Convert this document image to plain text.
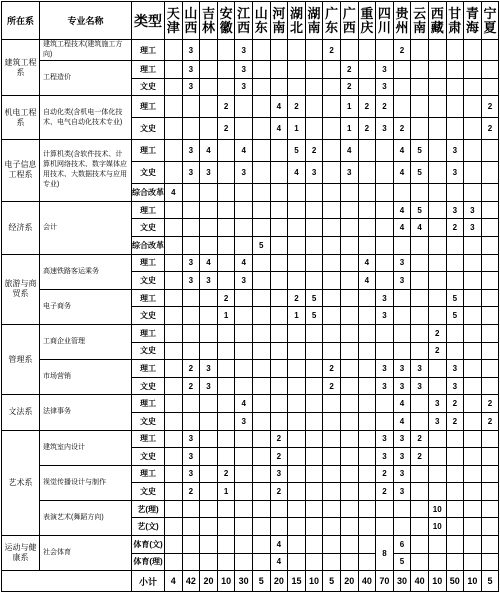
所在系	专业名称	类型	天津	山西	吉林	安徽	江西	山东	河南	湖北	湖南	广东	广西	重庆	四川	贵州	云南	西藏	甘肃	青海	宁夏
建筑工程系	建筑工程技术(建筑施工方向)	理工		3			3					2				2					
	工程造价	理工		3			3						2		3						
		文史		3			3						2		3						
机电工程系	自动化类(含机电一体化技术、电气自动化技术专业)	理工				2			4	2			1	2	2						2
		文史				2			4	1			1	2	3	2					2
电子信息工程系	计算机类(含软件技术、计算机网络技术、数字媒体应用技术、大数据技术与应用专业)	理工		3	4		4			5	2		4			4	5		3		
		文史		3	3		3			4	3		3			4	5		3		
		综合改革	4																		
经济系	会计	理工														4	5		3	3	
		文史														4	4		2	3	
		综合改革						5													
旅游与商贸系	高速铁路客运乘务	理工		3	4		4							4		3					
		文史		3	3		3							4		3					
	电子商务	理工				2				2	5				3				5		
		文史				1				1	5				3				5		
管理系	工商企业管理	理工																2			
		文史																2			
	市场营销	理工		2	3							2			3	3	3		3		
		文史		2	3							2			3	3	3		3		
文法系	法律事务	理工					4									4		3	2		2
		文史					3									4		3	2		2
艺术系	建筑室内设计	理工		3					2						3	3	2				
		文史		3					2						3	3	2				
	视觉传播设计与制作	理工		3		2			3						2	3					
		文史		2		1			2						2	3					
	表演艺术(舞蹈方向)	艺(理)																10			
		艺(文)																10			
运动与健康系	社会体育	体育(文)							4						8	6					
		体育(理)							4							5					
		小计	4	42	20	10	30	5	20	15	10	5	20	40	70	30	40	10	50	10	5
